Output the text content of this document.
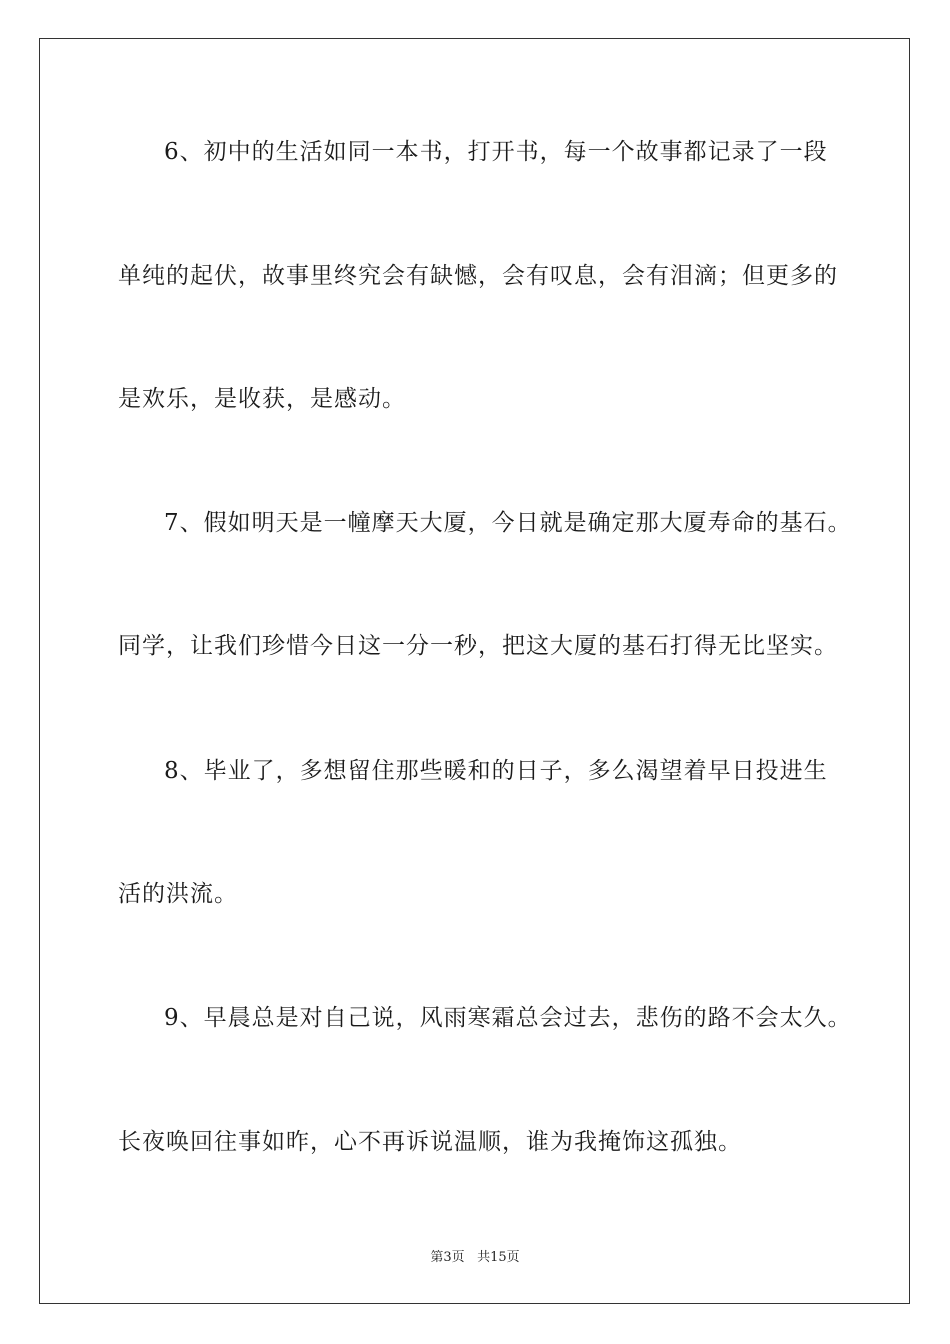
6、初中的生活如同一本书，打开书，每一个故事都记录了一段
单纯的起伏，故事里终究会有缺憾，会有叹息，会有泪滴；但更多的
是欢乐，是收获，是感动。
7、假如明天是一幢摩天大厦，今日就是确定那大厦寿命的基石。
同学，让我们珍惜今日这一分一秒，把这大厦的基石打得无比坚实。
8、毕业了，多想留住那些暖和的日子，多么渴望着早日投进生
活的洪流。
9、早晨总是对自己说，风雨寒霜总会过去，悲伤的路不会太久。
长夜唤回往事如昨，心不再诉说温顺，谁为我掩饰这孤独。
第3页 共15页
